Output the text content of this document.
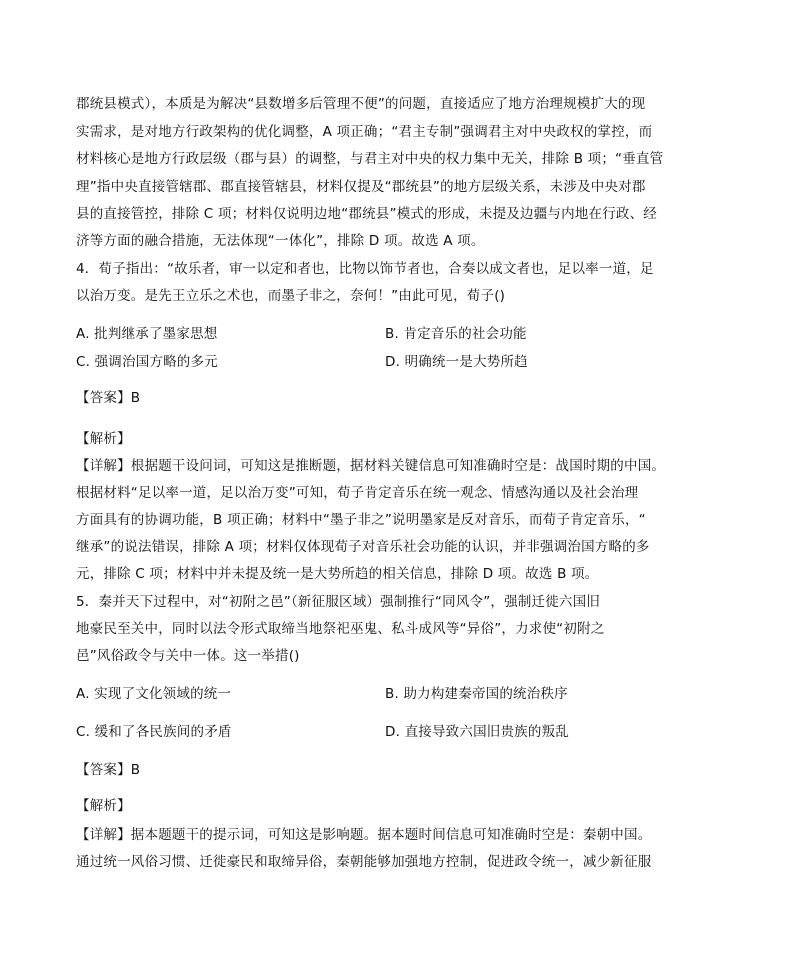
郡统县模式），本质是为解决“县数增多后管理不便”的问题，直接适应了地方治理规模扩大的现
实需求，是对地方行政架构的优化调整，A 项正确；“君主专制”强调君主对中央政权的掌控，而
材料核心是地方行政层级（郡与县）的调整，与君主对中央的权力集中无关，排除 B 项；“垂直管
理”指中央直接管辖郡、郡直接管辖县，材料仅提及“郡统县”的地方层级关系，未涉及中央对郡
县的直接管控，排除 C 项；材料仅说明边地“郡统县”模式的形成，未提及边疆与内地在行政、经
济等方面的融合措施，无法体现“一体化”，排除 D 项。故选 A 项。
4．荀子指出：“故乐者，审一以定和者也，比物以饰节者也，合奏以成文者也，足以率一道，足
以治万变。是先王立乐之术也，而墨子非之，奈何！”由此可见，荀子()
A. 批判继承了墨家思想	B. 肯定音乐的社会功能
C. 强调治国方略的多元	D. 明确统一是大势所趋
【答案】B
【解析】
【详解】根据题干设问词，可知这是推断题，据材料关键信息可知准确时空是：战国时期的中国。
根据材料“足以率一道，足以治万变”可知，荀子肯定音乐在统一观念、情感沟通以及社会治理
方面具有的协调功能，B 项正确；材料中“墨子非之”说明墨家是反对音乐，而荀子肯定音乐，“
继承”的说法错误，排除 A 项；材料仅体现荀子对音乐社会功能的认识，并非强调治国方略的多
元，排除 C 项；材料中并未提及统一是大势所趋的相关信息，排除 D 项。故选 B 项。
5．秦并天下过程中，对“初附之邑”（新征服区域）强制推行“同风令”，强制迁徙六国旧
地豪民至关中，同时以法令形式取缔当地祭祀巫鬼、私斗成风等“异俗”，力求使“初附之
邑”风俗政令与关中一体。这一举措()
A. 实现了文化领域的统一	B. 助力构建秦帝国的统治秩序
C. 缓和了各民族间的矛盾	D. 直接导致六国旧贵族的叛乱
【答案】B
【解析】
【详解】据本题题干的提示词，可知这是影响题。据本题时间信息可知准确时空是：秦朝中国。
通过统一风俗习惯、迁徙豪民和取缔异俗，秦朝能够加强地方控制，促进政令统一，减少新征服
